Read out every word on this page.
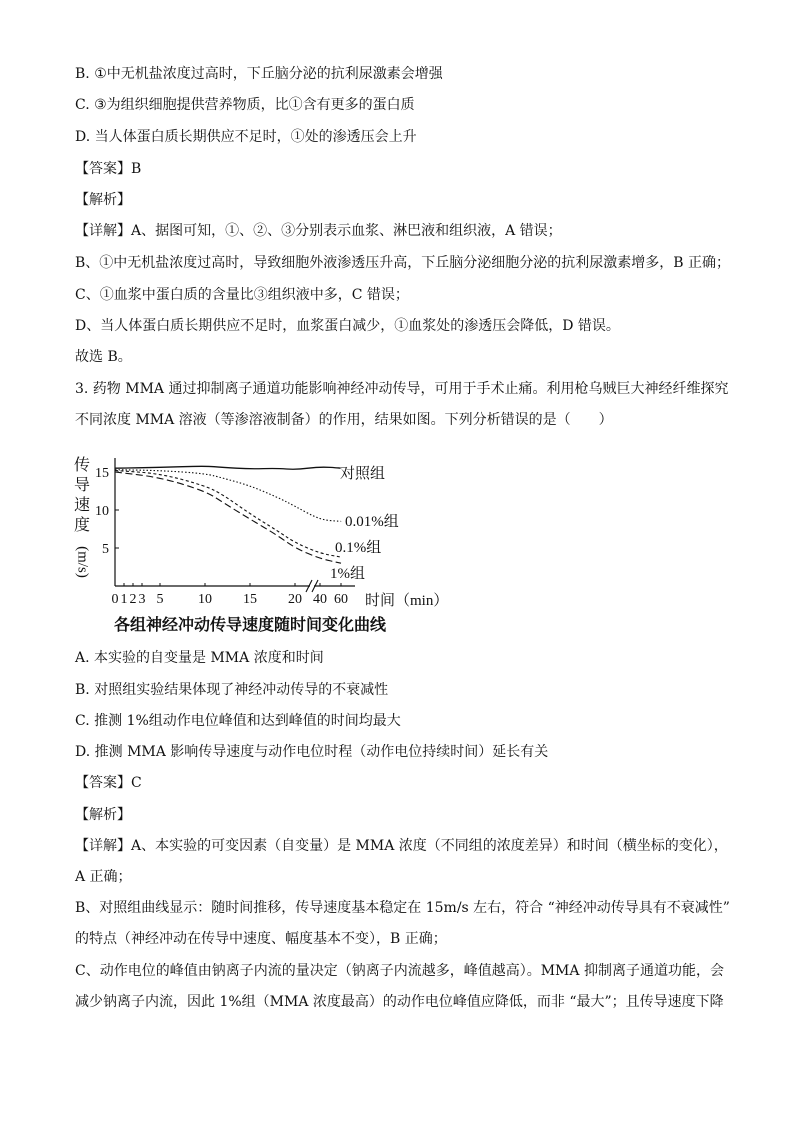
B. ①中无机盐浓度过高时，下丘脑分泌的抗利尿激素会增强
C. ③为组织细胞提供营养物质，比①含有更多的蛋白质
D. 当人体蛋白质长期供应不足时，①处的渗透压会上升
【答案】B
【解析】
【详解】A、据图可知，①、②、③分别表示血浆、淋巴液和组织液，A 错误；
B、①中无机盐浓度过高时，导致细胞外液渗透压升高，下丘脑分泌细胞分泌的抗利尿激素增多，B 正确；
C、①血浆中蛋白质的含量比③组织液中多，C 错误；
D、当人体蛋白质长期供应不足时，血浆蛋白减少，①血浆处的渗透压会降低，D 错误。
故选 B。
3. 药物 MMA 通过抑制离子通道功能影响神经冲动传导，可用于手术止痛。利用枪乌贼巨大神经纤维探究
不同浓度 MMA 溶液（等渗溶液制备）的作用，结果如图。下列分析错误的是（　　）
A. 本实验的自变量是 MMA 浓度和时间
B. 对照组实验结果体现了神经冲动传导的不衰减性
C. 推测 1%组动作电位峰值和达到峰值的时间均最大
D. 推测 MMA 影响传导速度与动作电位时程（动作电位持续时间）延长有关
【答案】C
【解析】
【详解】A、本实验的可变因素（自变量）是 MMA 浓度（不同组的浓度差异）和时间（横坐标的变化），
A 正确；
B、对照组曲线显示：随时间推移，传导速度基本稳定在 15m/s 左右，符合 “神经冲动传导具有不衰减性”
的特点（神经冲动在传导中速度、幅度基本不变），B 正确；
C、动作电位的峰值由钠离子内流的量决定（钠离子内流越多，峰值越高）。MMA 抑制离子通道功能，会
减少钠离子内流，因此 1%组（MMA 浓度最高）的动作电位峰值应降低，而非 “最大”；且传导速度下降
0 1 2 3 5 10 15 20 40 60
5
10
15	对照组
0.01%组
0.1%组
1%组
传
导
速
度
(m/s)
时间（min）
各组神经冲动传导速度随时间变化曲线
